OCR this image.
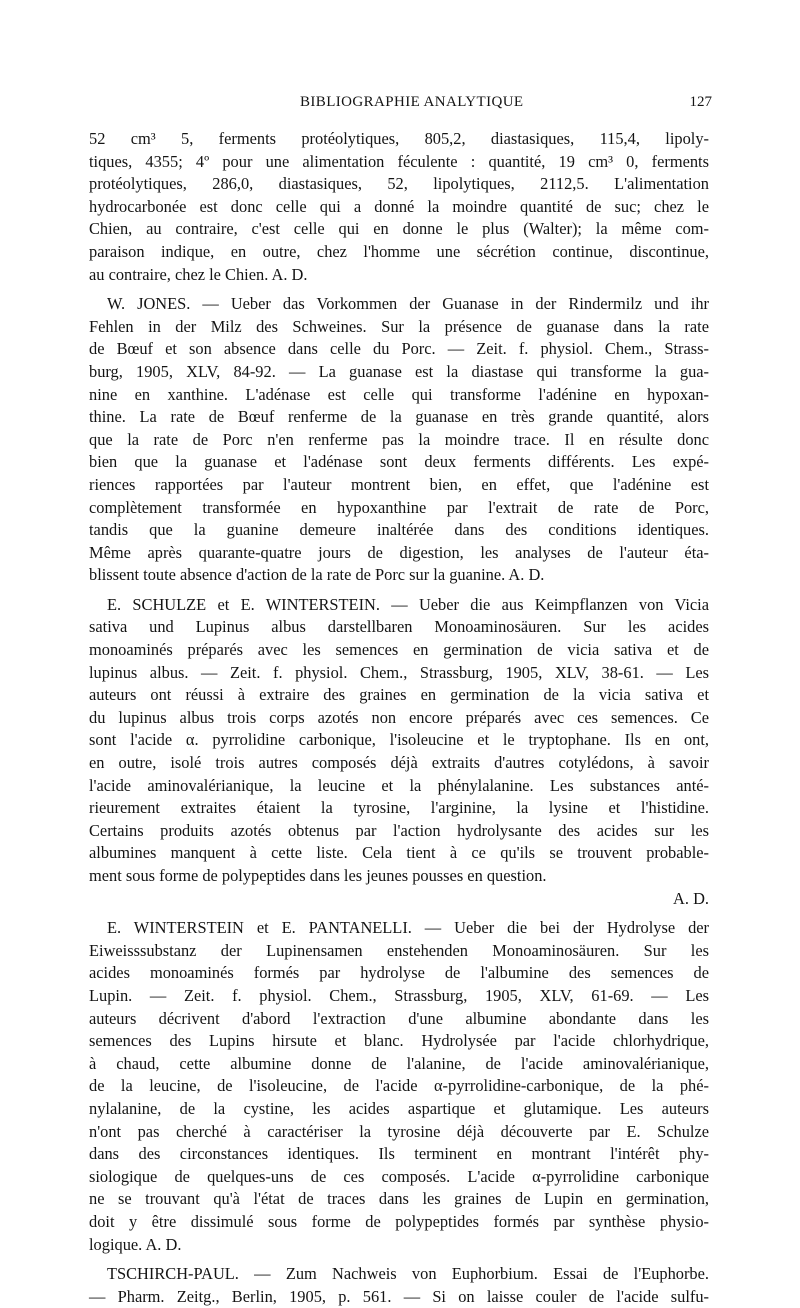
BIBLIOGRAPHIE ANALYTIQUE	127
52 cm³ 5, ferments protéolytiques, 805,2, diastasiques, 115,4, lipoly-
tiques, 4355; 4º pour une alimentation féculente : quantité, 19 cm³ 0, ferments
protéolytiques, 286,0, diastasiques, 52, lipolytiques, 2112,5. L'alimentation
hydrocarbonée est donc celle qui a donné la moindre quantité de suc; chez le
Chien, au contraire, c'est celle qui en donne le plus (Walter); la même com-
paraison indique, en outre, chez l'homme une sécrétion continue, discontinue,
au contraire, chez le Chien. A. D.
W. JONES. — Ueber das Vorkommen der Guanase in der Rindermilz und ihr
Fehlen in der Milz des Schweines. Sur la présence de guanase dans la rate
de Bœuf et son absence dans celle du Porc. — Zeit. f. physiol. Chem., Strass-
burg, 1905, XLV, 84-92. — La guanase est la diastase qui transforme la gua-
nine en xanthine. L'adénase est celle qui transforme l'adénine en hypoxan-
thine. La rate de Bœuf renferme de la guanase en très grande quantité, alors
que la rate de Porc n'en renferme pas la moindre trace. Il en résulte donc
bien que la guanase et l'adénase sont deux ferments différents. Les expé-
riences rapportées par l'auteur montrent bien, en effet, que l'adénine est
complètement transformée en hypoxanthine par l'extrait de rate de Porc,
tandis que la guanine demeure inaltérée dans des conditions identiques.
Même après quarante-quatre jours de digestion, les analyses de l'auteur éta-
blissent toute absence d'action de la rate de Porc sur la guanine. A. D.
E. SCHULZE et E. WINTERSTEIN. — Ueber die aus Keimpflanzen von Vicia
sativa und Lupinus albus darstellbaren Monoaminosäuren. Sur les acides
monoaminés préparés avec les semences en germination de vicia sativa et de
lupinus albus. — Zeit. f. physiol. Chem., Strassburg, 1905, XLV, 38-61. — Les
auteurs ont réussi à extraire des graines en germination de la vicia sativa et
du lupinus albus trois corps azotés non encore préparés avec ces semences. Ce
sont l'acide α. pyrrolidine carbonique, l'isoleucine et le tryptophane. Ils en ont,
en outre, isolé trois autres composés déjà extraits d'autres cotylédons, à savoir
l'acide aminovalérianique, la leucine et la phénylalanine. Les substances anté-
rieurement extraites étaient la tyrosine, l'arginine, la lysine et l'histidine.
Certains produits azotés obtenus par l'action hydrolysante des acides sur les
albumines manquent à cette liste. Cela tient à ce qu'ils se trouvent probable-
ment sous forme de polypeptides dans les jeunes pousses en question.
A. D.
E. WINTERSTEIN et E. PANTANELLI. — Ueber die bei der Hydrolyse der
Eiweisssubstanz der Lupinensamen enstehenden Monoaminosäuren. Sur les
acides monoaminés formés par hydrolyse de l'albumine des semences de
Lupin. — Zeit. f. physiol. Chem., Strassburg, 1905, XLV, 61-69. — Les
auteurs décrivent d'abord l'extraction d'une albumine abondante dans les
semences des Lupins hirsute et blanc. Hydrolysée par l'acide chlorhydrique,
à chaud, cette albumine donne de l'alanine, de l'acide aminovalérianique,
de la leucine, de l'isoleucine, de l'acide α-pyrrolidine-carbonique, de la phé-
nylalanine, de la cystine, les acides aspartique et glutamique. Les auteurs
n'ont pas cherché à caractériser la tyrosine déjà découverte par E. Schulze
dans des circonstances identiques. Ils terminent en montrant l'intérêt phy-
siologique de quelques-uns de ces composés. L'acide α-pyrrolidine carbonique
ne se trouvant qu'à l'état de traces dans les graines de Lupin en germination,
doit y être dissimulé sous forme de polypeptides formés par synthèse physio-
logique. A. D.
TSCHIRCH-PAUL. — Zum Nachweis von Euphorbium. Essai de l'Euphorbe.
— Pharm. Zeitg., Berlin, 1905, p. 561. — Si on laisse couler de l'acide sulfu-
